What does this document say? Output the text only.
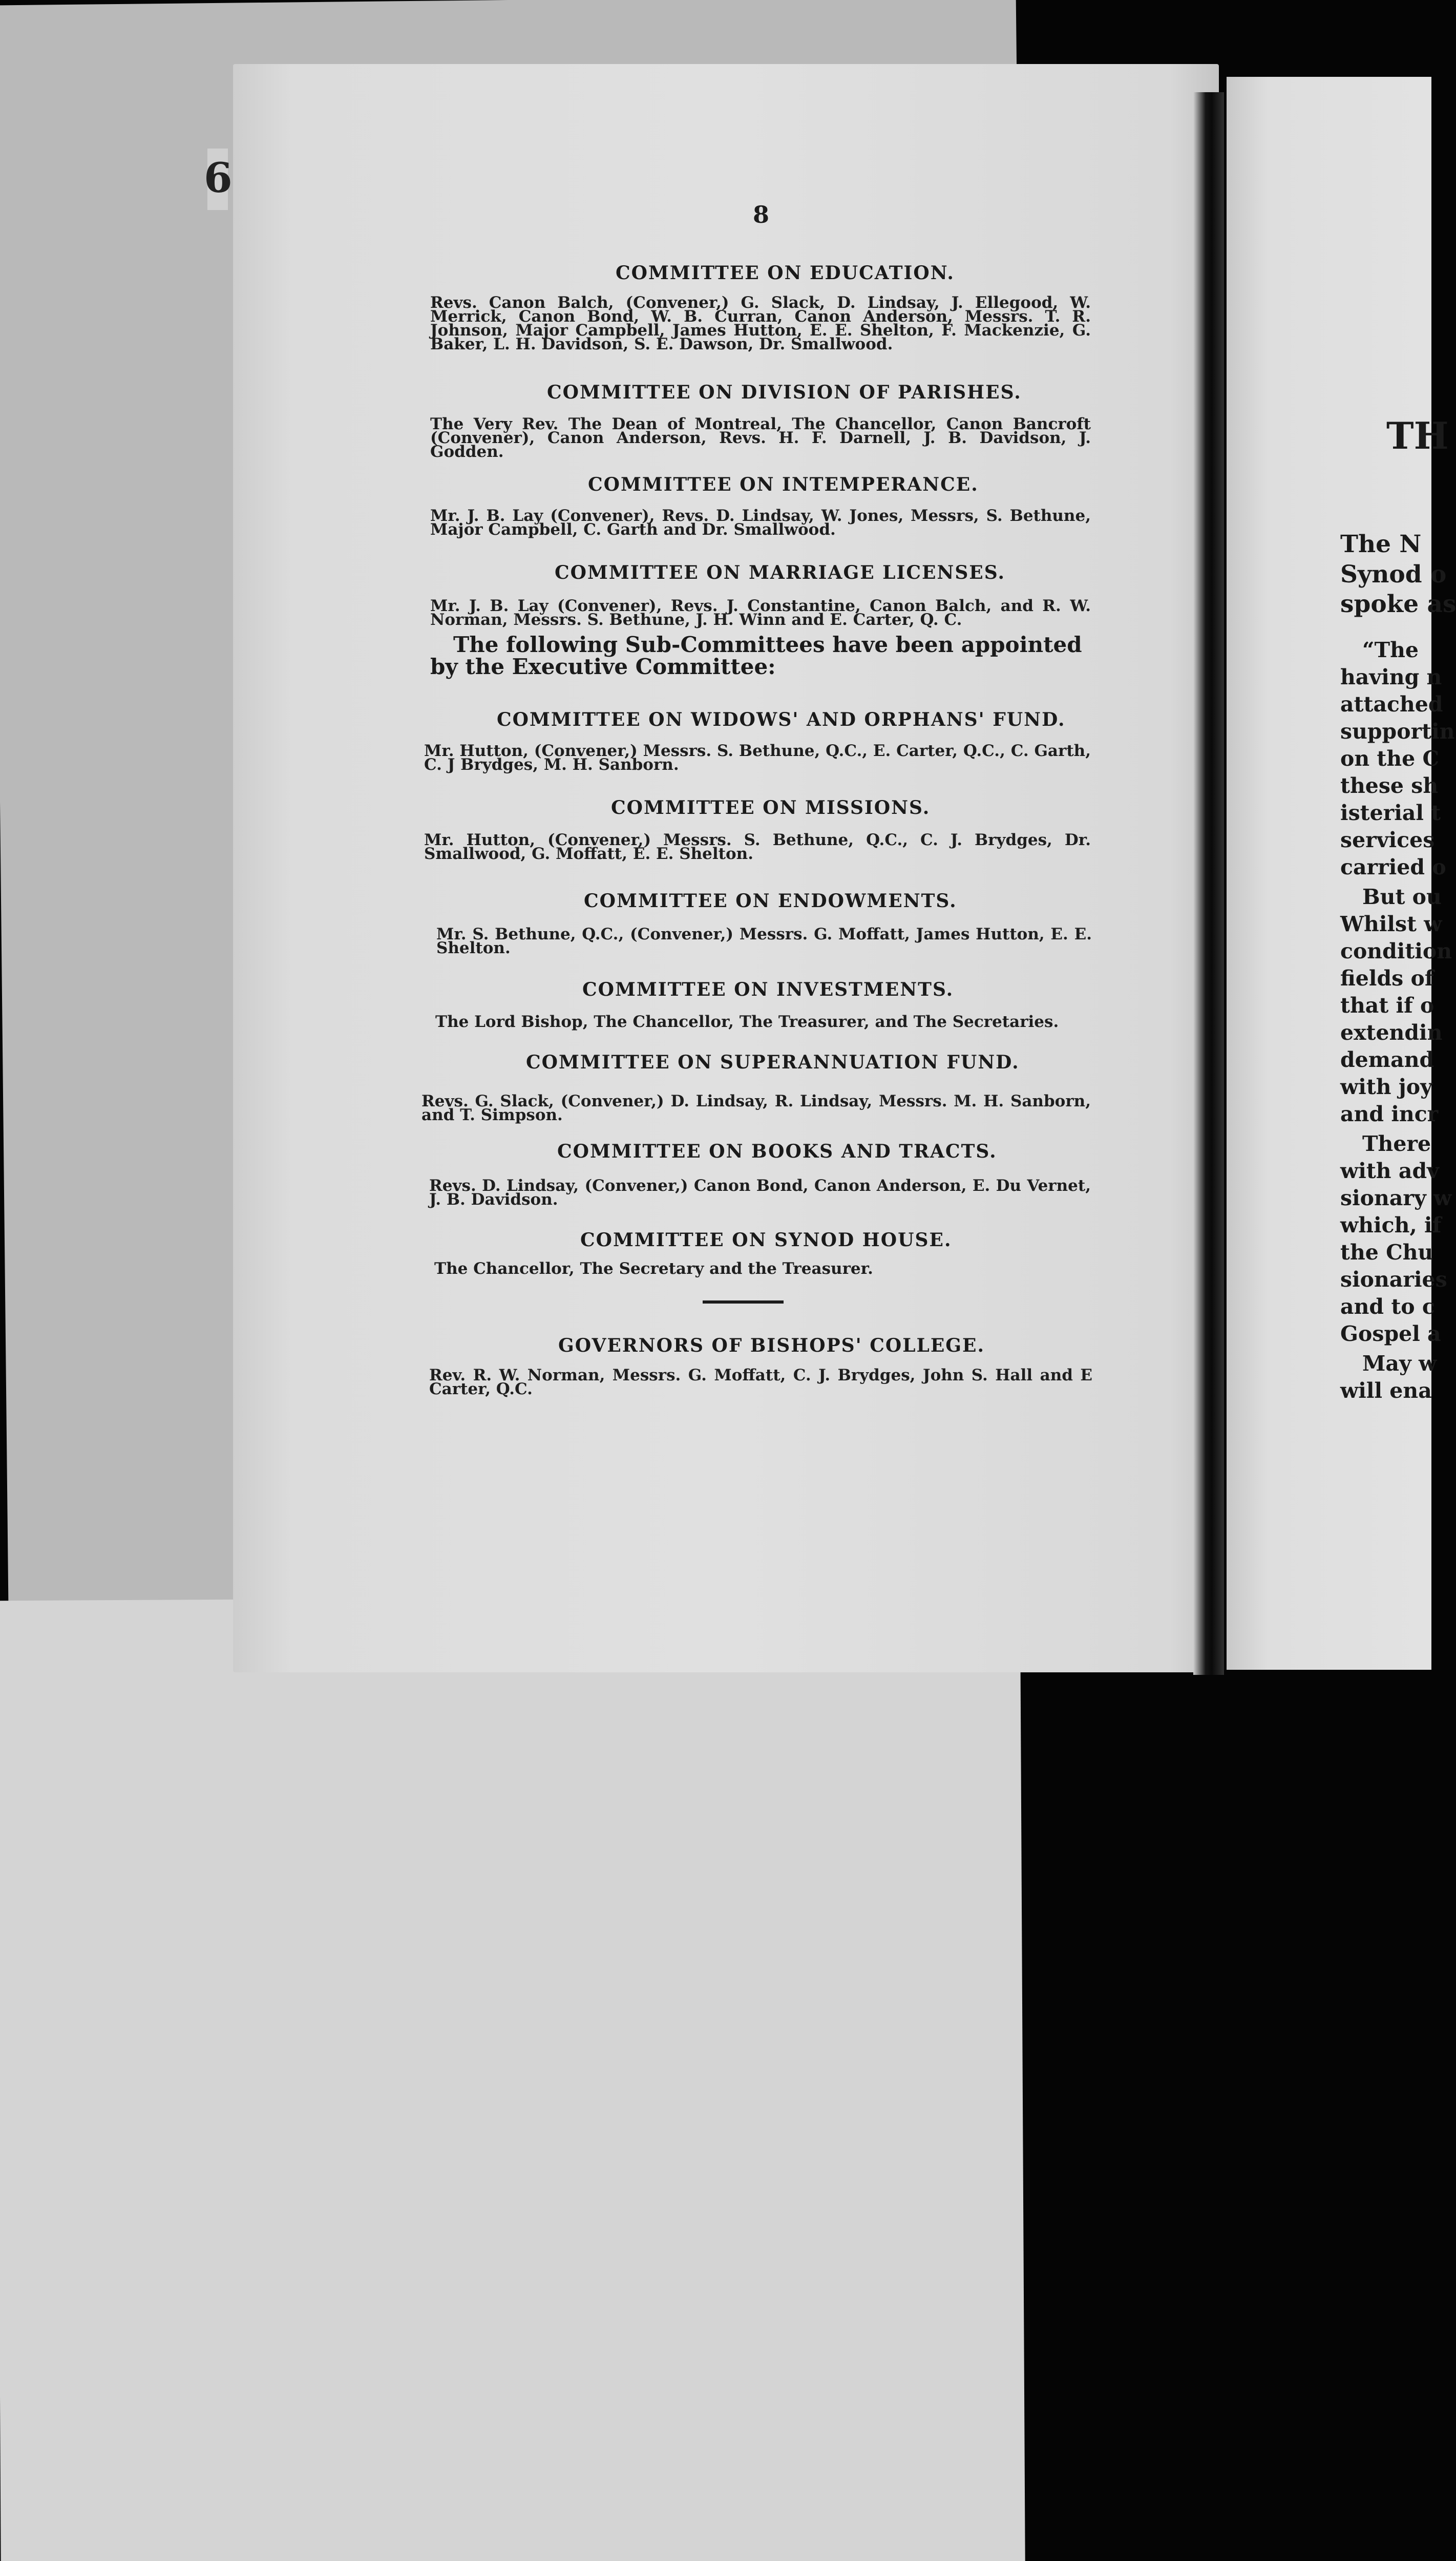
6
8
COMMITTEE ON EDUCATION.
Revs. Canon Balch, (Convener,) G. Slack, D. Lindsay, J. Ellegood, W. Merrick, Canon Bond, W. B. Curran, Canon Anderson, Messrs. T. R. Johnson, Major Campbell, James Hutton, E. E. Shelton, F. Mackenzie, G. Baker, L. H. Davidson, S. E. Dawson, Dr. Smallwood.
COMMITTEE ON DIVISION OF PARISHES.
The Very Rev. The Dean of Montreal, The Chancellor, Canon Bancroft (Convener), Canon Anderson, Revs. H. F. Darnell, J. B. Davidson, J. Godden.
COMMITTEE ON INTEMPERANCE.
Mr. J. B. Lay (Convener), Revs. D. Lindsay, W. Jones, Messrs, S. Bethune, Major Campbell, C. Garth and Dr. Smallwood.
COMMITTEE ON MARRIAGE LICENSES.
Mr. J. B. Lay (Convener), Revs. J. Constantine, Canon Balch, and R. W. Norman, Messrs. S. Bethune, J. H. Winn and E. Carter, Q. C.
The following Sub-Committees have been appointed by the Executive Committee:
COMMITTEE ON WIDOWS' AND ORPHANS' FUND.
Mr. Hutton, (Convener,) Messrs. S. Bethune, Q.C., E. Carter, Q.C., C. Garth, C. J Brydges, M. H. Sanborn.
COMMITTEE ON MISSIONS.
Mr. Hutton, (Convener,) Messrs. S. Bethune, Q.C., C. J. Brydges, Dr. Smallwood, G. Moffatt, E. E. Shelton.
COMMITTEE ON ENDOWMENTS.
Mr. S. Bethune, Q.C., (Convener,) Messrs. G. Moffatt, James Hutton, E. E. Shelton.
COMMITTEE ON INVESTMENTS.
The Lord Bishop, The Chancellor, The Treasurer, and The Secretaries.
COMMITTEE ON SUPERANNUATION FUND.
Revs. G. Slack, (Convener,) D. Lindsay, R. Lindsay, Messrs. M. H. Sanborn, and T. Simpson.
COMMITTEE ON BOOKS AND TRACTS.
Revs. D. Lindsay, (Convener,) Canon Bond, Canon Anderson, E. Du Vernet, J. B. Davidson.
COMMITTEE ON SYNOD HOUSE.
The Chancellor, The Secretary and the Treasurer.
GOVERNORS OF BISHOPS' COLLEGE.
Rev. R. W. Norman, Messrs. G. Moffatt, C. J. Brydges, John S. Hall and E Carter, Q.C.
TH
The N
Synod o
spoke as
“The
having n
attached
supportin
on the C
these sh
isterial t
services
carried o
But ou
Whilst w
condition
fields of
that if o
extendin
demand
with joy
and incr
There
with adv
sionary w
which, if
the Chu
sionaries
and to c
Gospel a
May w
will ena
